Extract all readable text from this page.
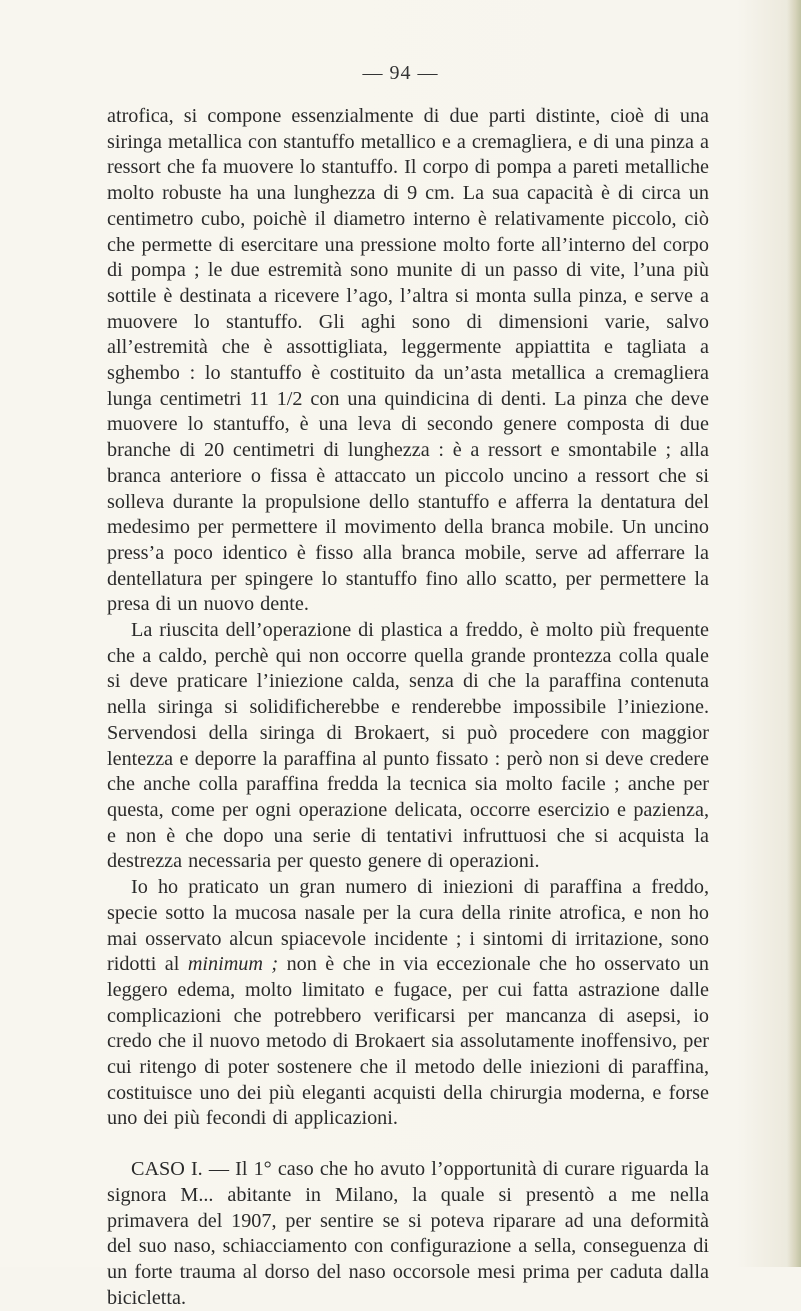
— 94 —

atrofica, si compone essenzialmente di due parti distinte, cioè di una siringa metallica con stantuffo metallico e a cremagliera, e di una pinza a ressort che fa muovere lo stantuffo. Il corpo di pompa a pareti metalliche molto robuste ha una lunghezza di 9 cm. La sua capacità è di circa un centimetro cubo, poichè il diametro interno è relativamente piccolo, ciò che permette di esercitare una pressione molto forte all’interno del corpo di pompa ; le due estremità sono munite di un passo di vite, l’una più sottile è destinata a ricevere l’ago, l’altra si monta sulla pinza, e serve a muovere lo stantuffo. Gli aghi sono di dimensioni varie, salvo all’estremità che è assottigliata, leggermente appiattita e tagliata a sghembo : lo stantuffo è costituito da un’asta metallica a cremagliera lunga centimetri 11 1/2 con una quindicina di denti. La pinza che deve muovere lo stantuffo, è una leva di secondo genere composta di due branche di 20 centimetri di lunghezza : è a ressort e smontabile ; alla branca anteriore o fissa è attaccato un piccolo uncino a ressort che si solleva durante la propulsione dello stantuffo e afferra la dentatura del medesimo per permettere il movimento della branca mobile. Un uncino press’a poco identico è fisso alla branca mobile, serve ad afferrare la dentellatura per spingere lo stantuffo fino allo scatto, per permettere la presa di un nuovo dente.

La riuscita dell’operazione di plastica a freddo, è molto più frequente che a caldo, perchè qui non occorre quella grande prontezza colla quale si deve praticare l’iniezione calda, senza di che la paraffina contenuta nella siringa si solidificherebbe e renderebbe impossibile l’iniezione. Servendosi della siringa di Brokaert, si può procedere con maggior lentezza e deporre la paraffina al punto fissato : però non si deve credere che anche colla paraffina fredda la tecnica sia molto facile ; anche per questa, come per ogni operazione delicata, occorre esercizio e pazienza, e non è che dopo una serie di tentativi infruttuosi che si acquista la destrezza necessaria per questo genere di operazioni.

Io ho praticato un gran numero di iniezioni di paraffina a freddo, specie sotto la mucosa nasale per la cura della rinite atrofica, e non ho mai osservato alcun spiacevole incidente ; i sintomi di irritazione, sono ridotti al minimum ; non è che in via eccezionale che ho osservato un leggero edema, molto limitato e fugace, per cui fatta astrazione dalle complicazioni che potrebbero verificarsi per mancanza di asepsi, io credo che il nuovo metodo di Brokaert sia assolutamente inoffensivo, per cui ritengo di poter sostenere che il metodo delle iniezioni di paraffina, costituisce uno dei più eleganti acquisti della chirurgia moderna, e forse uno dei più fecondi di applicazioni.

CASO I. — Il 1° caso che ho avuto l’opportunità di curare riguarda la signora M... abitante in Milano, la quale si presentò a me nella primavera del 1907, per sentire se si poteva riparare ad una deformità del suo naso, schiacciamento con configurazione a sella, conseguenza di un forte trauma al dorso del naso occorsole mesi prima per caduta dalla bicicletta.
